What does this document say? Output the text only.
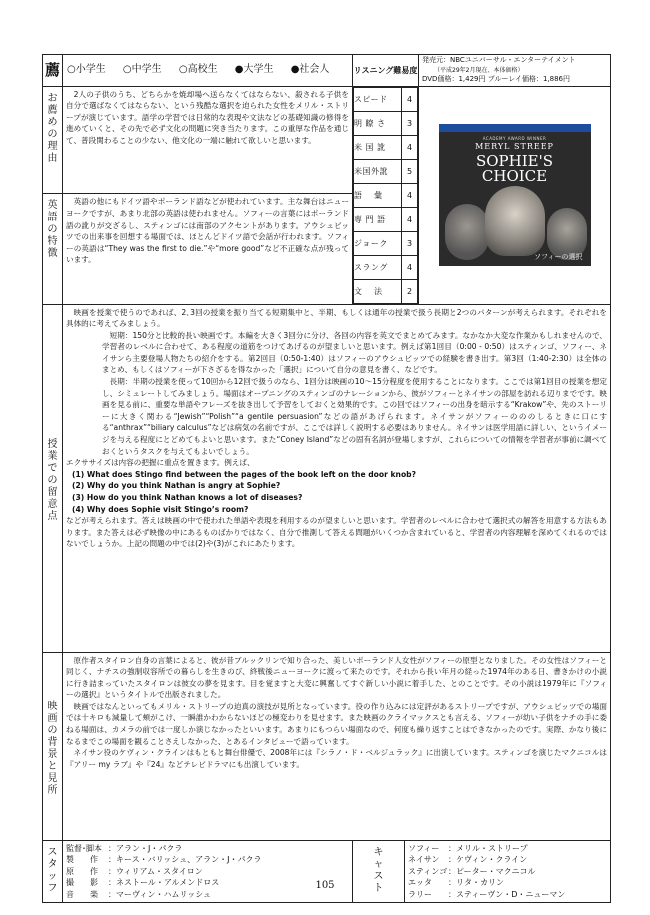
薦	○小学生 ○中学生 ○高校生 ●大学生 ●社会人	リスニング難易度	
発売元：NBCユニバーサル・エンターテイメント
（平成29年2月現在、本体価格）
DVD価格：1,429円 ブルーレイ価格：1,886円

お
薦
め
の
理
由

2人の子供のうち、どちらかを焼却場へ送らなくてはならない、殺される子供を自分で選ばなくてはならない、という残酷な選択を迫られた女性をメリル・ストリープが演じています。語学の学習では日常的な表現や文法などの基礎知識の修得を進めていくと、その先で必ず文化の問題に突き当たります。この重厚な作品を通じて、普段関わることの少ない、他文化の一端に触れて欲しいと思います。

スピード	4
明 瞭 さ	3
米 国 訛	4
米国外訛	5
語　 彙	4
専 門 語	4
ジョーク	3
スラング	4
文　 法	2

ACADEMY AWARD WINNER
MERYL STREEP
SOPHIE'S
CHOICE
ソフィーの選択

英
語
の
特
徴

英語の他にもドイツ語やポーランド語などが使われています。主な舞台はニューヨークですが、あまり北部の英語は使われません。ソフィーの言葉にはポーランド語の訛りが交ざるし、スティンゴには南部のアクセントがあります。アウシュビッツでの出来事を回想する場面では、ほとんどドイツ語で会話が行われます。ソフィーの英語は“They was the first to die.”や“more good”など不正確な点が残っています。

授
業
で
の
留
意
点

映画を授業で使うのであれば、2､3回の授業を振り当てる短期集中と、半期、もしくは通年の授業で扱う長期と2つのパターンが考えられます。それぞれを具体的に考えてみましょう。

短期：150分と比較的長い映画です。本編を大きく3回分に分け、各回の内容を英文でまとめてみます。なかなか大変な作業かもしれませんので、学習者のレベルに合わせて、ある程度の道筋をつけてあげるのが望ましいと思います。例えば第1回目（0:00 - 0:50）はスティンゴ、ソフィー、ネイサンら主要登場人物たちの紹介をする。第2回目（0:50-1:40）はソフィーのアウシュビッツでの経験を書き出す。第3回（1:40-2:30）は全体のまとめ、もしくはソフィーが下さざるを得なかった「選択」について自分の意見を書く、などです。

長期：半期の授業を使って10回から12回で扱うのなら、1回分は映画の10～15分程度を使用することになります。ここでは第1回目の授業を想定し、シミュレートしてみましょう。場面はオープニングのスティンゴのナレーションから、彼がソフィーとネイサンの部屋を訪れる辺りまでです。映画を見る前に、重要な単語やフレーズを抜き出して予習をしておくと効果的です。この回ではソフィーの出身を暗示する“Krakow”や、先のストーリーに大きく関わる“Jewish”“Polish”“a gentile persuasion”などの語があげられます。ネイサンがソフィーのののしるときに口にする“anthrax”“biliary calculus”などは病気の名前ですが、ここでは詳しく説明する必要はありません。ネイサンは医学用語に詳しい、というイメージを与える程度にとどめてもよいと思います。また“Coney Island”などの固有名詞が登場しますが、これらについての情報を学習者が事前に調べておくというタスクを与えてもよいでしょう。

エクササイズは内容の把握に重点を置きます。例えば、

(1) What does Stingo find between the pages of the book left on the door knob?
(2) Why do you think Nathan is angry at Sophie?
(3) How do you think Nathan knows a lot of diseases?
(4) Why does Sophie visit Stingo’s room?

などが考えられます。答えは映画の中で使われた単語や表現を利用するのが望ましいと思います。学習者のレベルに合わせて選択式の解答を用意する方法もあります。また答えは必ず映像の中にあるものばかりではなく、自分で推測して答える問題がいくつか含まれていると、学習者の内容理解を深めてくれるのではないでしょうか。上記の問題の中では(2)や(3)がこれにあたります。

映
画
の
背
景
と
見
所

原作者スタイロン自身の言葉によると、彼が昔ブルックリンで知り合った、美しいポーランド人女性がソフィーの原型となりました。その女性はソフィーと同じく、ナチスの強制収容所での暮らしを生きのび、終戦後ニューヨークに渡って来たのです。それから長い年月の経った1974年のある日、書きかけの小説に行き詰まっていたスタイロンは彼女の夢を見ます。目を覚ますと大変に興奮してすぐ新しい小説に着手した、とのことです。その小説は1979年に『ソフィーの選択』というタイトルで出版されました。

映画ではなんといってもメリル・ストリープの迫真の演技が見所となっています。役の作り込みには定評があるストリープですが、アウシュビッツでの場面では十キロも減量して頬がこけ、一瞬誰かわからないほどの極変わりを見せます。また映画のクライマックスとも言える、ソフィーが幼い子供をナチの手に委ねる場面は、カメラの前では一度しか演じなかったといいます。あまりにもつらい場面なので、何度も繰り返すことはできなかったのです。実際、かなり後になるまでこの場面を観ることさえしなかった、とあるインタビューで語っています。

ネイサン役のケヴィン・クラインはもともと舞台俳優で、2008年には『シラノ・ド・ベルジュラック』に出演しています。スティンゴを演じたマクニコルは『アリー my ラブ』や『24』などテレビドラマにも出演しています。

ス
タ
ッ
フ

監督･脚本 ：アラン・J・パクラ
製　　作	：キース・バリッシュ、アラン・J・パクラ
原　　作	：ウィリアム・スタイロン
撮　　影	：ネストール・アルメンドロス
音　　楽	：マーヴィン・ハムリッシュ

キ
ャ
ス
ト

ソフィー	：メリル・ストリープ
ネイサン	：ケヴィン・クライン
スティンゴ ：ピーター・マクニコル
エッタ	：リタ・カリン
ラリー	：スティーヴン・D・ニューマン
105
